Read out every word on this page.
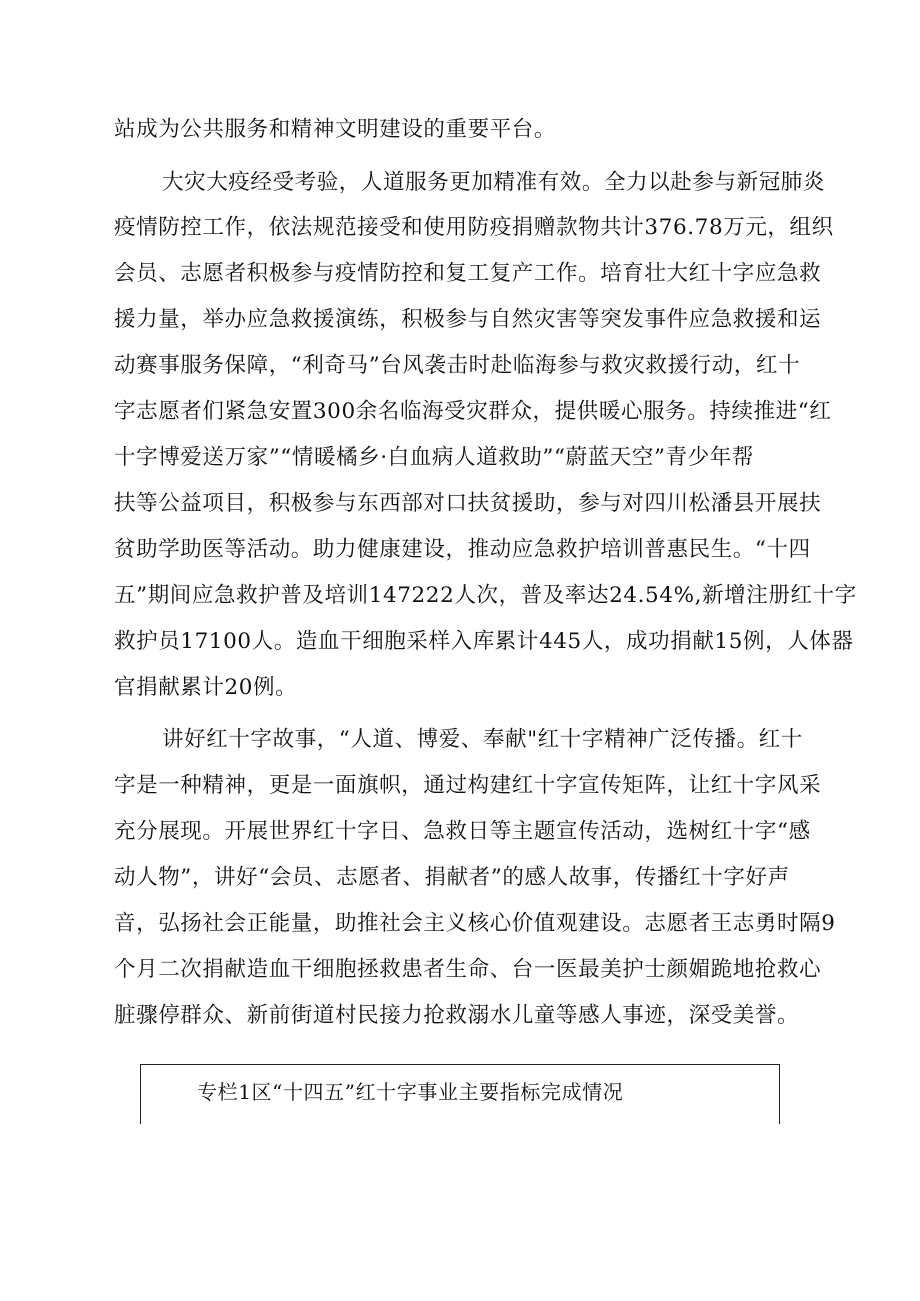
站成为公共服务和精神文明建设的重要平台。
大灾大疫经受考验，人道服务更加精准有效。全力以赴参与新冠肺炎
疫情防控工作，依法规范接受和使用防疫捐赠款物共计376.78万元，组织
会员、志愿者积极参与疫情防控和复工复产工作。培育壮大红十字应急救
援力量，举办应急救援演练，积极参与自然灾害等突发事件应急救援和运
动赛事服务保障，“利奇马”台风袭击时赴临海参与救灾救援行动，红十
字志愿者们紧急安置300余名临海受灾群众，提供暖心服务。持续推进“红
十字博爱送万家”“情暖橘乡·白血病人道救助”“蔚蓝天空”青少年帮
扶等公益项目，积极参与东西部对口扶贫援助，参与对四川松潘县开展扶
贫助学助医等活动。助力健康建设，推动应急救护培训普惠民生。“十四
五”期间应急救护普及培训147222人次，普及率达24.54%,新增注册红十字
救护员17100人。造血干细胞采样入库累计445人，成功捐献15例，人体器
官捐献累计20例。
讲好红十字故事，“人道、博爱、奉献"红十字精神广泛传播。红十
字是一种精神，更是一面旗帜，通过构建红十字宣传矩阵，让红十字风采
充分展现。开展世界红十字日、急救日等主题宣传活动，选树红十字“感
动人物”，讲好“会员、志愿者、捐献者”的感人故事，传播红十字好声
音，弘扬社会正能量，助推社会主义核心价值观建设。志愿者王志勇时隔9
个月二次捐献造血干细胞拯救患者生命、台一医最美护士颜媚跪地抢救心
脏骤停群众、新前街道村民接力抢救溺水儿童等感人事迹，深受美誉。
专栏1区“十四五”红十字事业主要指标完成情况
